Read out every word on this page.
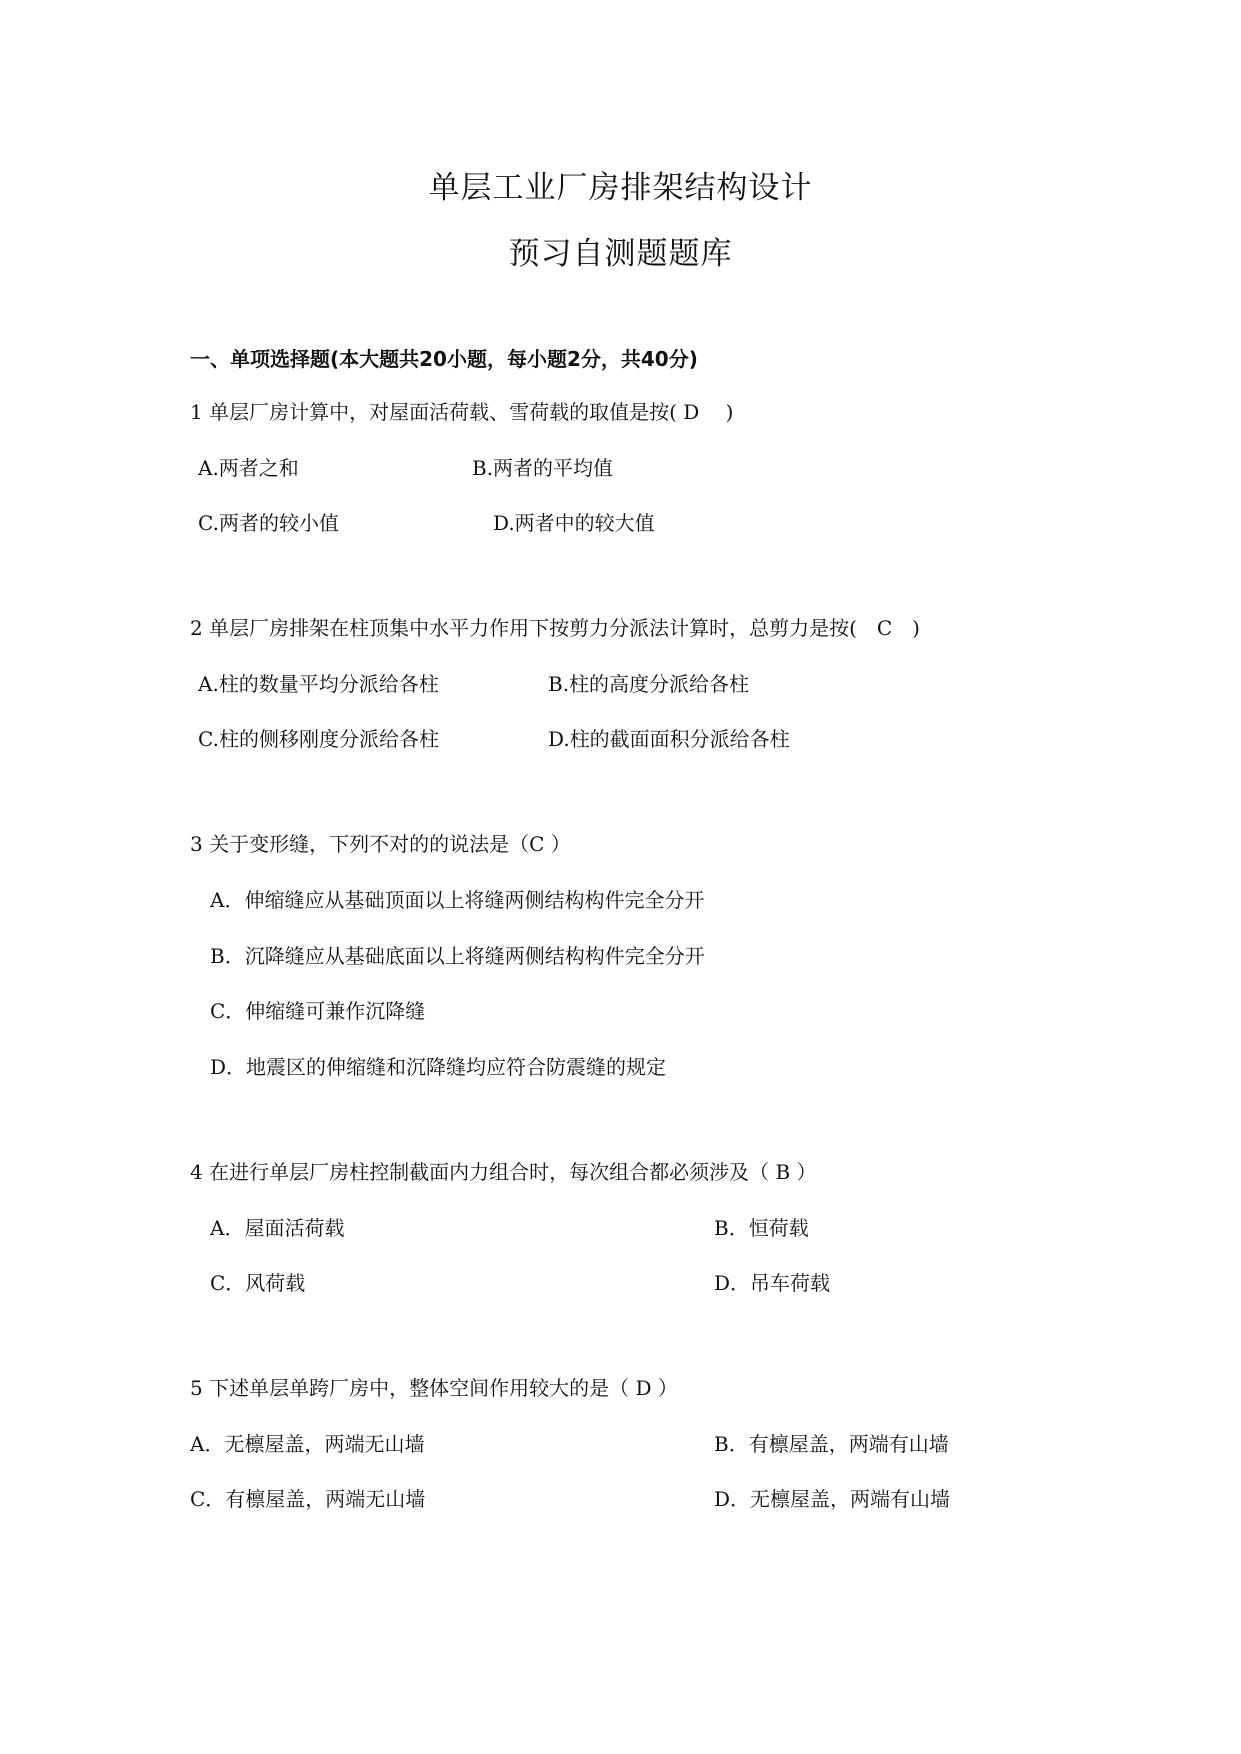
单层工业厂房排架结构设计
预习自测题题库
一、单项选择题(本大题共20小题，每小题2分，共40分)
1 单层厂房计算中，对屋面活荷载、雪荷载的取值是按( D　 )
A.两者之和	B.两者的平均值
C.两者的较小值	D.两者中的较大值
2 单层厂房排架在柱顶集中水平力作用下按剪力分派法计算时，总剪力是按(　C　)
A.柱的数量平均分派给各柱	B.柱的高度分派给各柱
C.柱的侧移刚度分派给各柱	D.柱的截面面积分派给各柱
3 关于变形缝，下列不对的的说法是（C ）
A．伸缩缝应从基础顶面以上将缝两侧结构构件完全分开
B．沉降缝应从基础底面以上将缝两侧结构构件完全分开
C．伸缩缝可兼作沉降缝
D．地震区的伸缩缝和沉降缝均应符合防震缝的规定
4 在进行单层厂房柱控制截面内力组合时，每次组合都必须涉及（ B ）
A．屋面活荷载	B．恒荷载
C．风荷载	D．吊车荷载
5 下述单层单跨厂房中，整体空间作用较大的是（ D ）
A．无檩屋盖，两端无山墙	B．有檩屋盖，两端有山墙
C．有檩屋盖，两端无山墙	D．无檩屋盖，两端有山墙
